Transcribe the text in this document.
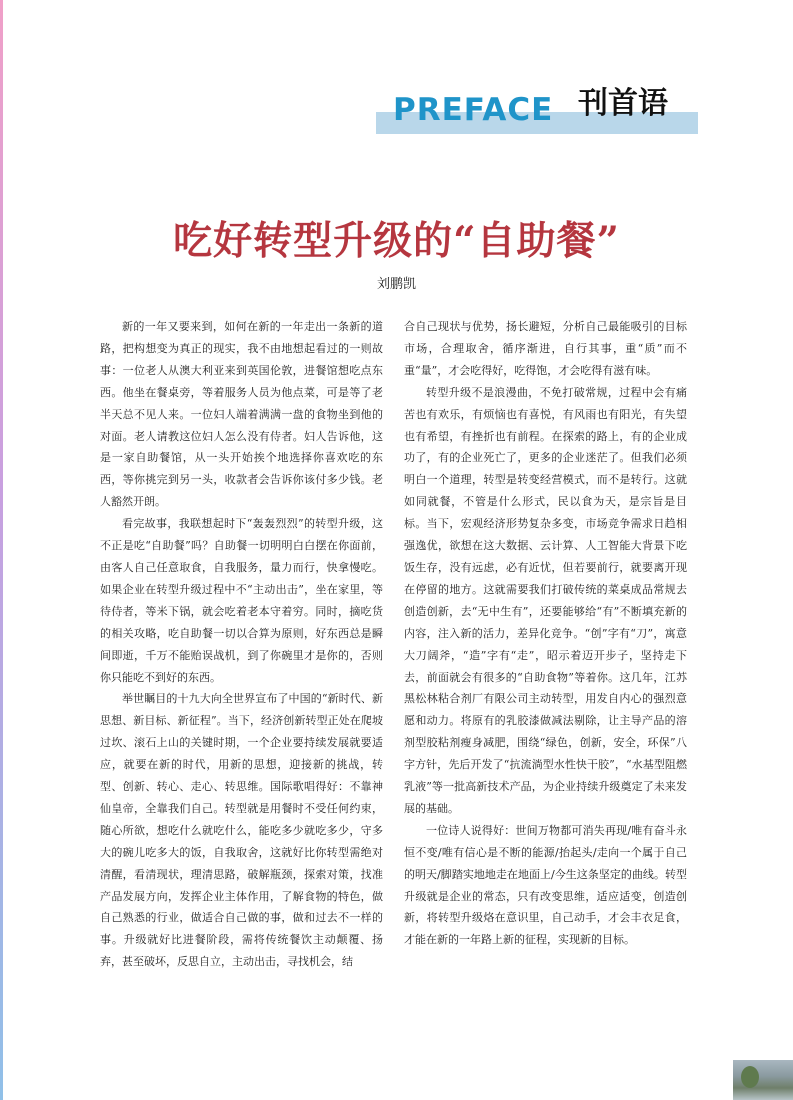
PREFACE 刊首语
吃好转型升级的“自助餐”
刘鹏凯

新的一年又要来到，如何在新的一年走出一条新的道路，把构想变为真正的现实，我不由地想起看过的一则故事：一位老人从澳大利亚来到英国伦敦，进餐馆想吃点东西。他坐在餐桌旁，等着服务人员为他点菜，可是等了老半天总不见人来。一位妇人端着满满一盘的食物坐到他的对面。老人请教这位妇人怎么没有侍者。妇人告诉他，这是一家自助餐馆，从一头开始挨个地选择你喜欢吃的东西，等你挑完到另一头，收款者会告诉你该付多少钱。老人豁然开朗。

看完故事，我联想起时下“轰轰烈烈”的转型升级，这不正是吃“自助餐”吗？自助餐一切明明白白摆在你面前，由客人自己任意取食，自我服务，量力而行，快拿慢吃。如果企业在转型升级过程中不“主动出击”，坐在家里，等待侍者，等米下锅，就会吃着老本守着穷。同时，摘吃货的相关攻略，吃自助餐一切以合算为原则，好东西总是瞬间即逝，千万不能贻误战机，到了你碗里才是你的，否则你只能吃不到好的东西。

举世瞩目的十九大向全世界宣布了中国的“新时代、新思想、新目标、新征程”。当下，经济创新转型正处在爬坡过坎、滚石上山的关键时期，一个企业要持续发展就要适应，就要在新的时代，用新的思想，迎接新的挑战，转型、创新、转心、走心、转思维。国际歌唱得好：不靠神仙皇帝，全靠我们自己。转型就是用餐时不受任何约束，随心所欲，想吃什么就吃什么，能吃多少就吃多少，守多大的碗儿吃多大的饭，自我取舍，这就好比你转型需绝对清醒，看清现状，理清思路，破解瓶颈，探索对策，找准产品发展方向，发挥企业主体作用，了解食物的特色，做自己熟悉的行业，做适合自己做的事，做和过去不一样的事。升级就好比进餐阶段，需将传统餐饮主动颠覆、扬弃，甚至破坏，反思自立，主动出击，寻找机会，结

合自己现状与优势，扬长避短，分析自己最能吸引的目标市场，合理取舍，循序渐进，自行其事，重“质”而不重“量”，才会吃得好，吃得饱，才会吃得有滋有味。

转型升级不是浪漫曲，不免打破常规，过程中会有痛苦也有欢乐，有烦恼也有喜悦，有风雨也有阳光，有失望也有希望，有挫折也有前程。在探索的路上，有的企业成功了，有的企业死亡了，更多的企业迷茫了。但我们必须明白一个道理，转型是转变经营模式，而不是转行。这就如同就餐，不管是什么形式，民以食为天，是宗旨是目标。当下，宏观经济形势复杂多变，市场竞争需求日趋相强逸优，欲想在这大数据、云计算、人工智能大背景下吃饭生存，没有远虑，必有近忧，但若要前行，就要离开现在停留的地方。这就需要我们打破传统的菜桌成品常规去创造创新，去“无中生有”，还要能够给“有”不断填充新的内容，注入新的活力，差异化竞争。“创”字有“刀”，寓意大刀阔斧，“造”字有“走”，昭示着迈开步子，坚持走下去，前面就会有很多的“自助食物”等着你。这几年，江苏黑松林粘合剂厂有限公司主动转型，用发自内心的强烈意愿和动力。将原有的乳胶漆做减法剔除，让主导产品的溶剂型胶粘剂瘦身减肥，围绕“绿色，创新，安全，环保”八字方针，先后开发了“抗流淌型水性快干胶”，“水基型阻燃乳液”等一批高新技术产品，为企业持续升级奠定了未来发展的基础。

一位诗人说得好：世间万物都可消失再现/唯有奋斗永恒不变/唯有信心是不断的能源/抬起头/走向一个属于自己的明天/脚踏实地地走在地面上/今生这条坚定的曲线。转型升级就是企业的常态，只有改变思维，适应适变，创造创新，将转型升级烙在意识里，自己动手，才会丰衣足食，才能在新的一年路上新的征程，实现新的目标。
